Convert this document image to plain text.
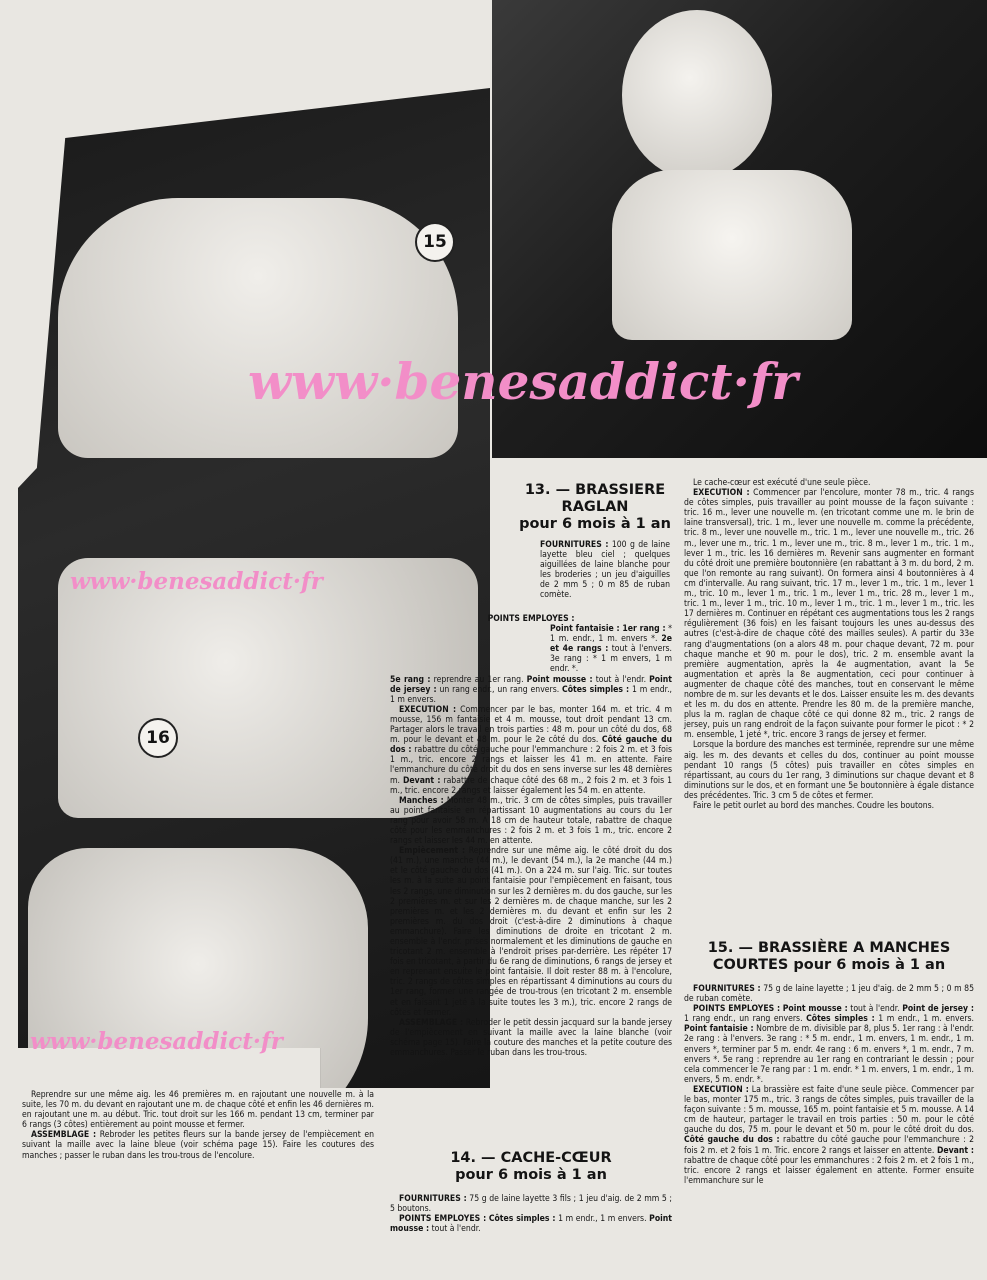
15
16
www·benesaddict·fr
www·benesaddict·fr
www·benesaddict·fr

Reprendre sur une même aig. les 46 premières m. en rajoutant une nouvelle m. à la suite, les 70 m. du devant en rajoutant une m. de chaque côté et enfin les 46 dernières m. en rajoutant une m. au début. Tric. tout droit sur les 166 m. pendant 13 cm, terminer par 6 rangs (3 côtes) entièrement au point mousse et fermer.

ASSEMBLAGE : Rebroder les petites fleurs sur la bande jersey de l'empiècement en suivant la maille avec la laine bleue (voir schéma page 15). Faire les coutures des manches ; passer le ruban dans les trou-trous de l'encolure.

13. — BRASSIERE
RAGLAN
pour 6 mois à 1 an

FOURNITURES : 100 g de laine layette bleu ciel ; quelques aiguillées de laine blanche pour les broderies ; un jeu d'aiguilles de 2 mm 5 ; 0 m 85 de ruban comète.

POINTS EMPLOYES :

Point fantaisie : 1er rang : * 1 m. endr., 1 m. envers *. 2e et 4e rangs : tout à l'envers. 3e rang : * 1 m envers, 1 m endr. *.

5e rang : reprendre au 1er rang. Point mousse : tout à l'endr. Point de jersey : un rang endr., un rang envers. Côtes simples : 1 m endr., 1 m envers.

EXECUTION : Commencer par le bas, monter 164 m. et tric. 4 m mousse, 156 m fantaisie et 4 m. mousse, tout droit pendant 13 cm. Partager alors le travail en trois parties : 48 m. pour un côté du dos, 68 m. pour le devant et 48 m. pour le 2e côté du dos. Côté gauche du dos : rabattre du côté gauche pour l'emmanchure : 2 fois 2 m. et 3 fois 1 m., tric. encore 2 rangs et laisser les 41 m. en attente. Faire l'emmanchure du côté droit du dos en sens inverse sur les 48 dernières m. Devant : rabattre de chaque côté des 68 m., 2 fois 2 m. et 3 fois 1 m., tric. encore 2 rangs et laisser également les 54 m. en attente.

Manches : Monter 48 m., tric. 3 cm de côtes simples, puis travailler au point fantaisie en répartissant 10 augmentations au cours du 1er rang pour avoir 58 m. A 18 cm de hauteur totale, rabattre de chaque côté pour les emmanchures : 2 fois 2 m. et 3 fois 1 m., tric. encore 2 rangs et laisser les 44 m. en attente.

Empiècement : Reprendre sur une même aig. le côté droit du dos (41 m.), une manche (44 m.), le devant (54 m.), la 2e manche (44 m.) et le côté gauche du dos (41 m.). On a 224 m. sur l'aig. Tric. sur toutes les m. à la suite au point fantaisie pour l'empiècement en faisant, tous les 2 rangs, une diminution sur les 2 dernières m. du dos gauche, sur les 2 premières m. et sur les 2 dernières m. de chaque manche, sur les 2 premières m. et les 2 dernières m. du devant et enfin sur les 2 premières m. du dos droit (c'est-à-dire 2 diminutions à chaque emmanchure). Faire les diminutions de droite en tricotant 2 m. ensemble à l'endr. prises normalement et les diminutions de gauche en tricotant 2 m. ensemble à l'endroit prises par-derrière. Les répéter 17 fois en tricotant, à partir du 6e rang de diminutions, 6 rangs de jersey et en reprenant ensuite le point fantaisie. Il doit rester 88 m. à l'encolure, tric. 2 rangs de côtes simples en répartissant 4 diminutions au cours du 1er rang, former une rangée de trou-trous (en tricotant 2 m. ensemble et en faisant 1 jeté à la suite toutes les 3 m.), tric. encore 2 rangs de côtes et fermer.

ASSEMBLAGE : Rebroder le petit dessin jacquard sur la bande jersey de l'empiècement en suivant la maille avec la laine blanche (voir schéma page 15). Faire la couture des manches et la petite couture des emmanchures. Passer le ruban dans les trou-trous.

14. — CACHE-CŒUR
pour 6 mois à 1 an

FOURNITURES : 75 g de laine layette 3 fils ; 1 jeu d'aig. de 2 mm 5 ; 5 boutons.

POINTS EMPLOYES : Côtes simples : 1 m endr., 1 m envers. Point mousse : tout à l'endr.

Le cache-cœur est exécuté d'une seule pièce.

EXECUTION : Commencer par l'encolure, monter 78 m., tric. 4 rangs de côtes simples, puis travailler au point mousse de la façon suivante : tric. 16 m., lever une nouvelle m. (en tricotant comme une m. le brin de laine transversal), tric. 1 m., lever une nouvelle m. comme la précédente, tric. 8 m., lever une nouvelle m., tric. 1 m., lever une nouvelle m., tric. 26 m., lever une m., tric. 1 m., lever une m., tric. 8 m., lever 1 m., tric. 1 m., lever 1 m., tric. les 16 dernières m. Revenir sans augmenter en formant du côté droit une première boutonnière (en rabattant à 3 m. du bord, 2 m. que l'on remonte au rang suivant). On formera ainsi 4 boutonnières à 4 cm d'intervalle. Au rang suivant, tric. 17 m., lever 1 m., tric. 1 m., lever 1 m., tric. 10 m., lever 1 m., tric. 1 m., lever 1 m., tric. 28 m., lever 1 m., tric. 1 m., lever 1 m., tric. 10 m., lever 1 m., tric. 1 m., lever 1 m., tric. les 17 dernières m. Continuer en répétant ces augmentations tous les 2 rangs régulièrement (36 fois) en les faisant toujours les unes au-dessus des autres (c'est-à-dire de chaque côté des mailles seules). A partir du 33e rang d'augmentations (on a alors 48 m. pour chaque devant, 72 m. pour chaque manche et 90 m. pour le dos), tric. 2 m. ensemble avant la première augmentation, après la 4e augmentation, avant la 5e augmentation et après la 8e augmentation, ceci pour continuer à augmenter de chaque côté des manches, tout en conservant le même nombre de m. sur les devants et le dos. Laisser ensuite les m. des devants et les m. du dos en attente. Prendre les 80 m. de la première manche, plus la m. raglan de chaque côté ce qui donne 82 m., tric. 2 rangs de jersey, puis un rang endroit de la façon suivante pour former le picot : * 2 m. ensemble, 1 jeté *, tric. encore 3 rangs de jersey et fermer.

Lorsque la bordure des manches est terminée, reprendre sur une même aig. les m. des devants et celles du dos, continuer au point mousse pendant 10 rangs (5 côtes) puis travailler en côtes simples en répartissant, au cours du 1er rang, 3 diminutions sur chaque devant et 8 diminutions sur le dos, et en formant une 5e boutonnière à égale distance des précédentes. Tric. 3 cm 5 de côtes et fermer.

Faire le petit ourlet au bord des manches. Coudre les boutons.

15. — BRASSIÈRE A MANCHES
COURTES pour 6 mois à 1 an

FOURNITURES : 75 g de laine layette ; 1 jeu d'aig. de 2 mm 5 ; 0 m 85 de ruban comète.

POINTS EMPLOYES : Point mousse : tout à l'endr. Point de jersey : 1 rang endr., un rang envers. Côtes simples : 1 m endr., 1 m. envers. Point fantaisie : Nombre de m. divisible par 8, plus 5. 1er rang : à l'endr. 2e rang : à l'envers. 3e rang : * 5 m. endr., 1 m. envers, 1 m. endr., 1 m. envers *, terminer par 5 m. endr. 4e rang : 6 m. envers *, 1 m. endr., 7 m. envers *. 5e rang : reprendre au 1er rang en contrariant le dessin ; pour cela commencer le 7e rang par : 1 m. endr. * 1 m. envers, 1 m. endr., 1 m. envers, 5 m. endr. *.

EXECUTION : La brassière est faite d'une seule pièce. Commencer par le bas, monter 175 m., tric. 3 rangs de côtes simples, puis travailler de la façon suivante : 5 m. mousse, 165 m. point fantaisie et 5 m. mousse. A 14 cm de hauteur, partager le travail en trois parties : 50 m. pour le côté gauche du dos, 75 m. pour le devant et 50 m. pour le côté droit du dos. Côté gauche du dos : rabattre du côté gauche pour l'emmanchure : 2 fois 2 m. et 2 fois 1 m. Tric. encore 2 rangs et laisser en attente. Devant : rabattre de chaque côté pour les emmanchures : 2 fois 2 m. et 2 fois 1 m., tric. encore 2 rangs et laisser également en attente. Former ensuite l'emmanchure sur le
